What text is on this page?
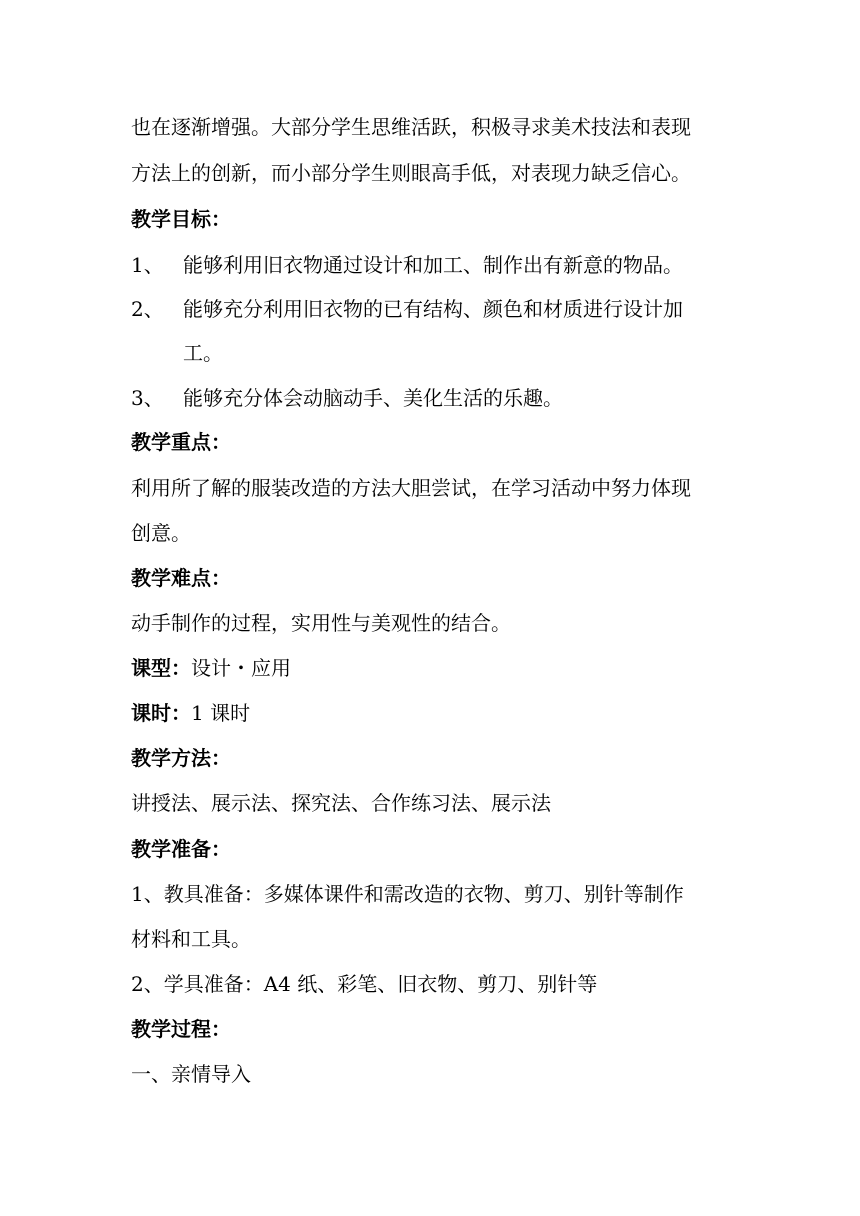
也在逐渐增强。大部分学生思维活跃，积极寻求美术技法和表现
方法上的创新，而小部分学生则眼高手低，对表现力缺乏信心。
教学目标：
1、 能够利用旧衣物通过设计和加工、制作出有新意的物品。
2、 能够充分利用旧衣物的已有结构、颜色和材质进行设计加
工。
3、 能够充分体会动脑动手、美化生活的乐趣。
教学重点：
利用所了解的服装改造的方法大胆尝试，在学习活动中努力体现
创意。
教学难点：
动手制作的过程，实用性与美观性的结合。
课型：设计・应用
课时：1 课时
教学方法：
讲授法、展示法、探究法、合作练习法、展示法
教学准备：
1、教具准备：多媒体课件和需改造的衣物、剪刀、别针等制作
材料和工具。
2、学具准备：A4 纸、彩笔、旧衣物、剪刀、别针等
教学过程：
一、亲情导入
